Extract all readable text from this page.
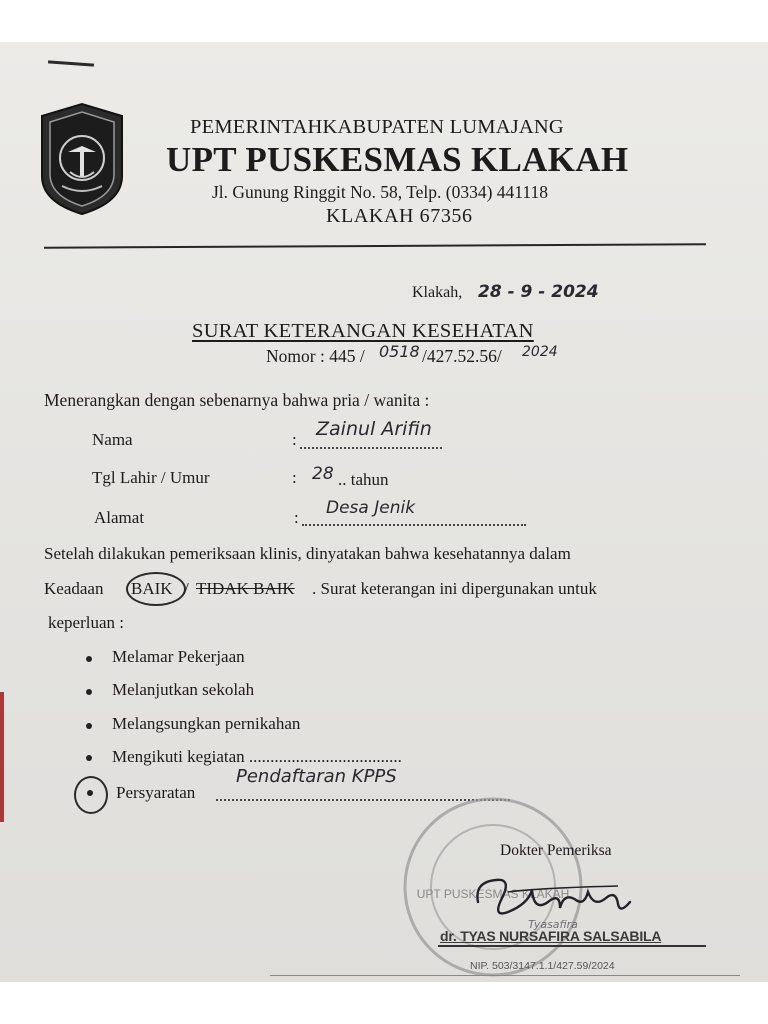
PEMERINTAHKABUPATEN LUMAJANG
UPT PUSKESMAS KLAKAH
Jl. Gunung Ringgit No. 58, Telp. (0334) 441118
KLAKAH 67356
Klakah, 28 - 9 - 2024
SURAT KETERANGAN KESEHATAN
Nomor : 445 / 0518 /427.52.56/ 2024
Menerangkan dengan sebenarnya bahwa pria / wanita :
Nama	: Zainul Arifin
Tgl Lahir / Umur	: 28 .. tahun
Alamat	: Desa Jenik
Setelah dilakukan pemeriksaan klinis, dinyatakan bahwa kesehatannya dalam
Keadaan BAIK / TIDAK BAIK . Surat keterangan ini dipergunakan untuk
keperluan :
Melamar Pekerjaan
Melanjutkan sekolah
Melangsungkan pernikahan
Mengikuti kegiatan ....................................
Persyaratan
Pendaftaran KPPS
UPT PUSKESMAS KLAKAH
Dokter Pemeriksa
Tyasafira
dr. TYAS NURSAFIRA SALSABILA
NIP. 503/3147.1.1/427.59/2024
